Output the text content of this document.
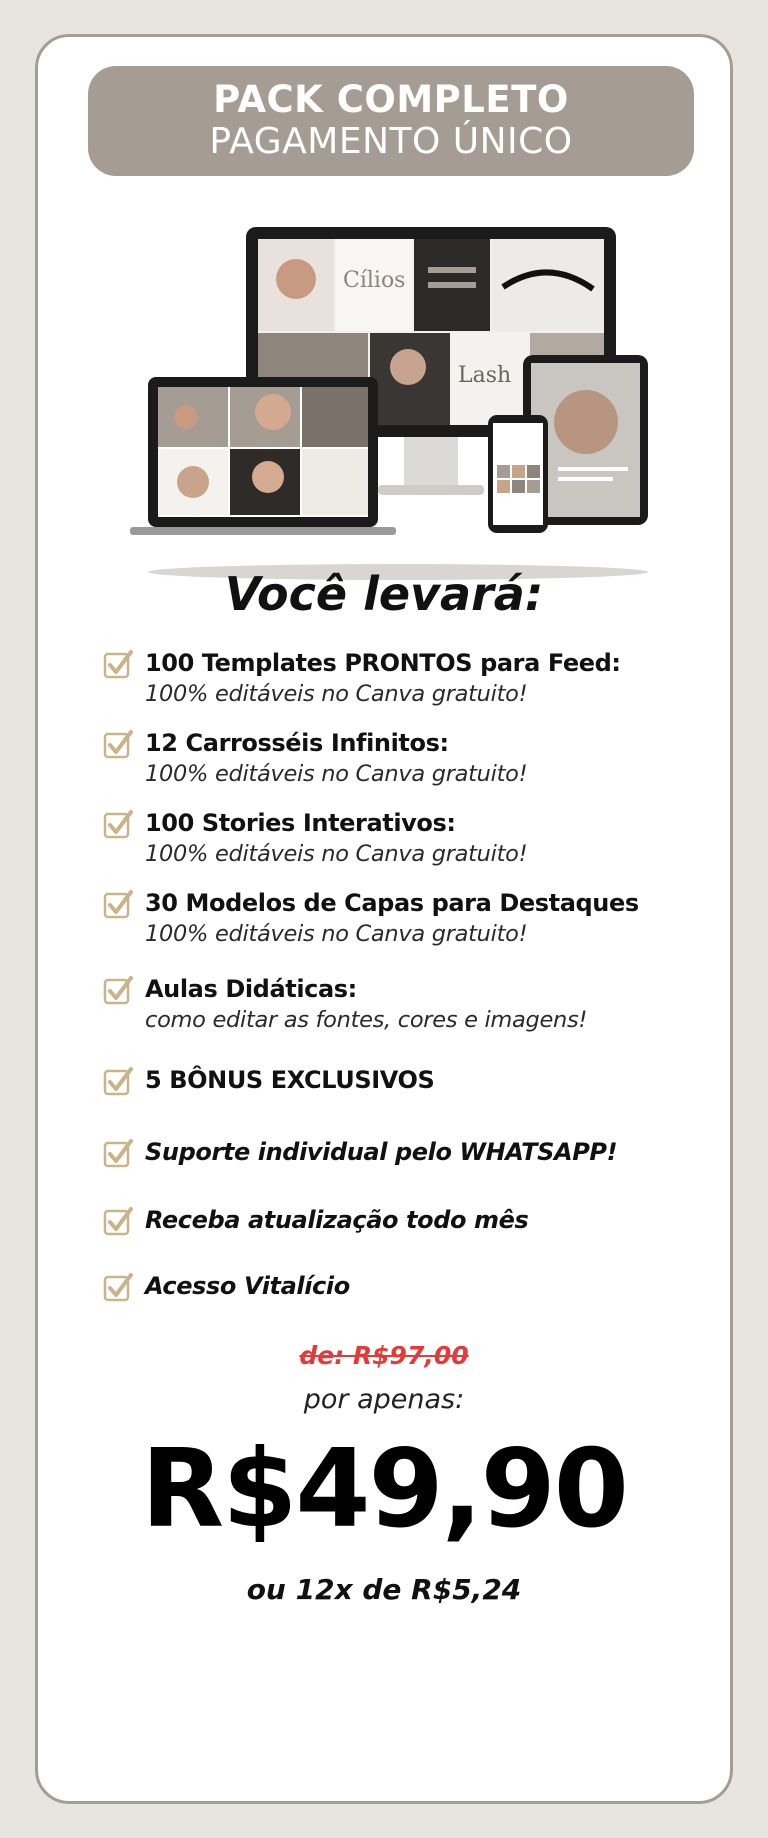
PACK COMPLETO
PAGAMENTO ÚNICO
Cílios
Lash
Você levará:
100 Templates PRONTOS para Feed:
100% editáveis no Canva gratuito!
12 Carrosséis Infinitos:
100% editáveis no Canva gratuito!
100 Stories Interativos:
100% editáveis no Canva gratuito!
30 Modelos de Capas para Destaques
100% editáveis no Canva gratuito!
Aulas Didáticas:
como editar as fontes, cores e imagens!
5 BÔNUS EXCLUSIVOS
Suporte individual pelo WHATSAPP!
Receba atualização todo mês
Acesso Vitalício
de: R$97,00
por apenas:
R$49,90
ou 12x de R$5,24
